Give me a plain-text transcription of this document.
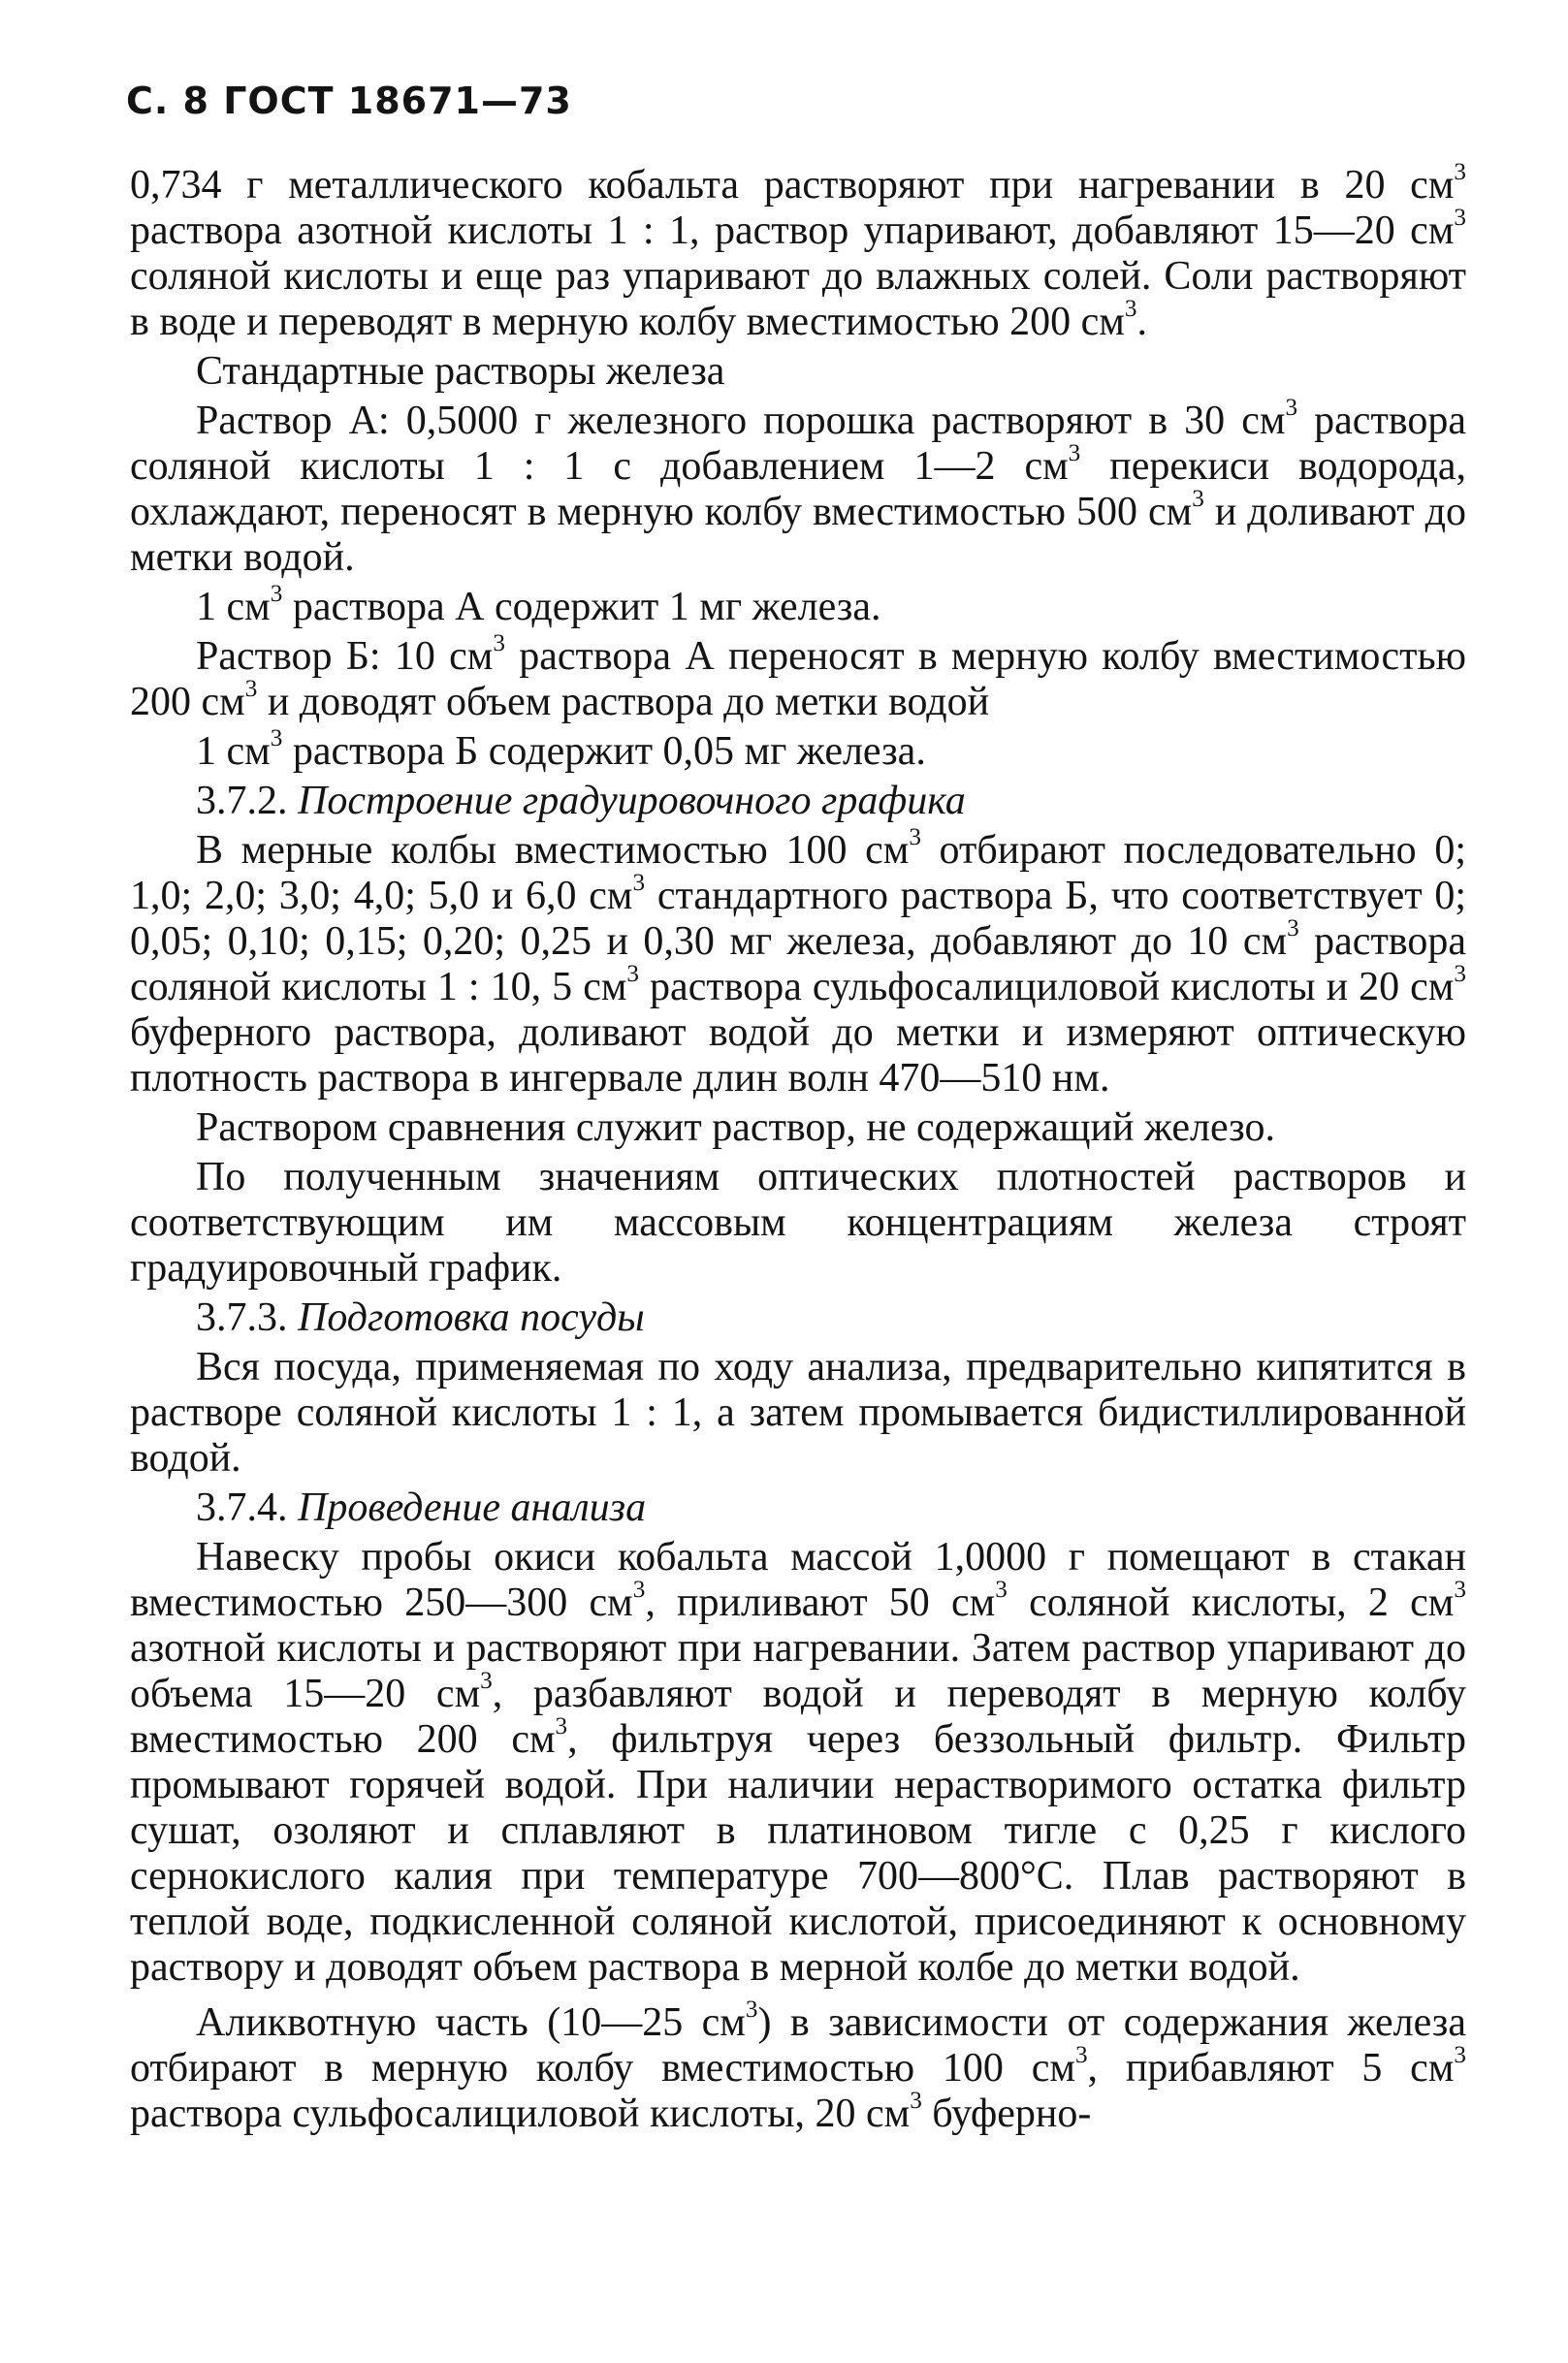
С. 8 ГОСТ 18671—73

0,734 г металлического кобальта растворяют при нагревании в 20 $см^3$ раствора азотной кислоты 1 : 1, раствор упаривают, добавляют 15—20 $см^3$ соляной кислоты и еще раз упаривают до влажных солей. Соли растворяют в воде и переводят в мерную колбу вместимостью 200 $см^3$.

Стандартные растворы железа

Раствор А: 0,5000 г железного порошка растворяют в 30 $см^3$ раствора соляной кислоты 1 : 1 с добавлением 1—2 $см^3$ перекиси водорода, охлаждают, переносят в мерную колбу вместимостью 500 $см^3$ и доливают до метки водой.

1 $см^3$ раствора А содержит 1 мг железа.

Раствор Б: 10 $см^3$ раствора А переносят в мерную колбу вместимостью 200 $см^3$ и доводят объем раствора до метки водой

1 $см^3$ раствора Б содержит 0,05 мг железа.

3.7.2. Построение градуировочного графика

В мерные колбы вместимостью 100 $см^3$ отбирают последовательно 0; 1,0; 2,0; 3,0; 4,0; 5,0 и 6,0 $см^3$ стандартного раствора Б, что соответствует 0; 0,05; 0,10; 0,15; 0,20; 0,25 и 0,30 мг железа, добавляют до 10 $см^3$ раствора соляной кислоты 1 : 10, 5 $см^3$ раствора сульфосалициловой кислоты и 20 $см^3$ буферного раствора, доливают водой до метки и измеряют оптическую плотность раствора в ингервале длин волн 470—510 нм.

Раствором сравнения служит раствор, не содержащий железо.

По полученным значениям оптических плотностей растворов и соответствующим им массовым концентрациям железа строят градуировочный график.

3.7.3. Подготовка посуды

Вся посуда, применяемая по ходу анализа, предварительно кипятится в растворе соляной кислоты 1 : 1, а затем промывается бидистиллированной водой.

3.7.4. Проведение анализа

Навеску пробы окиси кобальта массой 1,0000 г помещают в стакан вместимостью 250—300 $см^3$, приливают 50 $см^3$ соляной кислоты, 2 $см^3$ азотной кислоты и растворяют при нагревании. Затем раствор упаривают до объема 15—20 $см^3$, разбавляют водой и переводят в мерную колбу вместимостью 200 $см^3$, фильтруя через беззольный фильтр. Фильтр промывают горячей водой. При наличии нерастворимого остатка фильтр сушат, озоляют и сплавляют в платиновом тигле с 0,25 г кислого сернокислого калия при температуре 700—800°С. Плав растворяют в теплой воде, подкисленной соляной кислотой, присоединяют к основному раствору и доводят объем раствора в мерной колбе до метки водой.

Аликвотную часть (10—25 $см^3$) в зависимости от содержания железа отбирают в мерную колбу вместимостью 100 $см^3$, прибавляют 5 $см^3$ раствора сульфосалициловой кислоты, 20 $см^3$ буферно-
